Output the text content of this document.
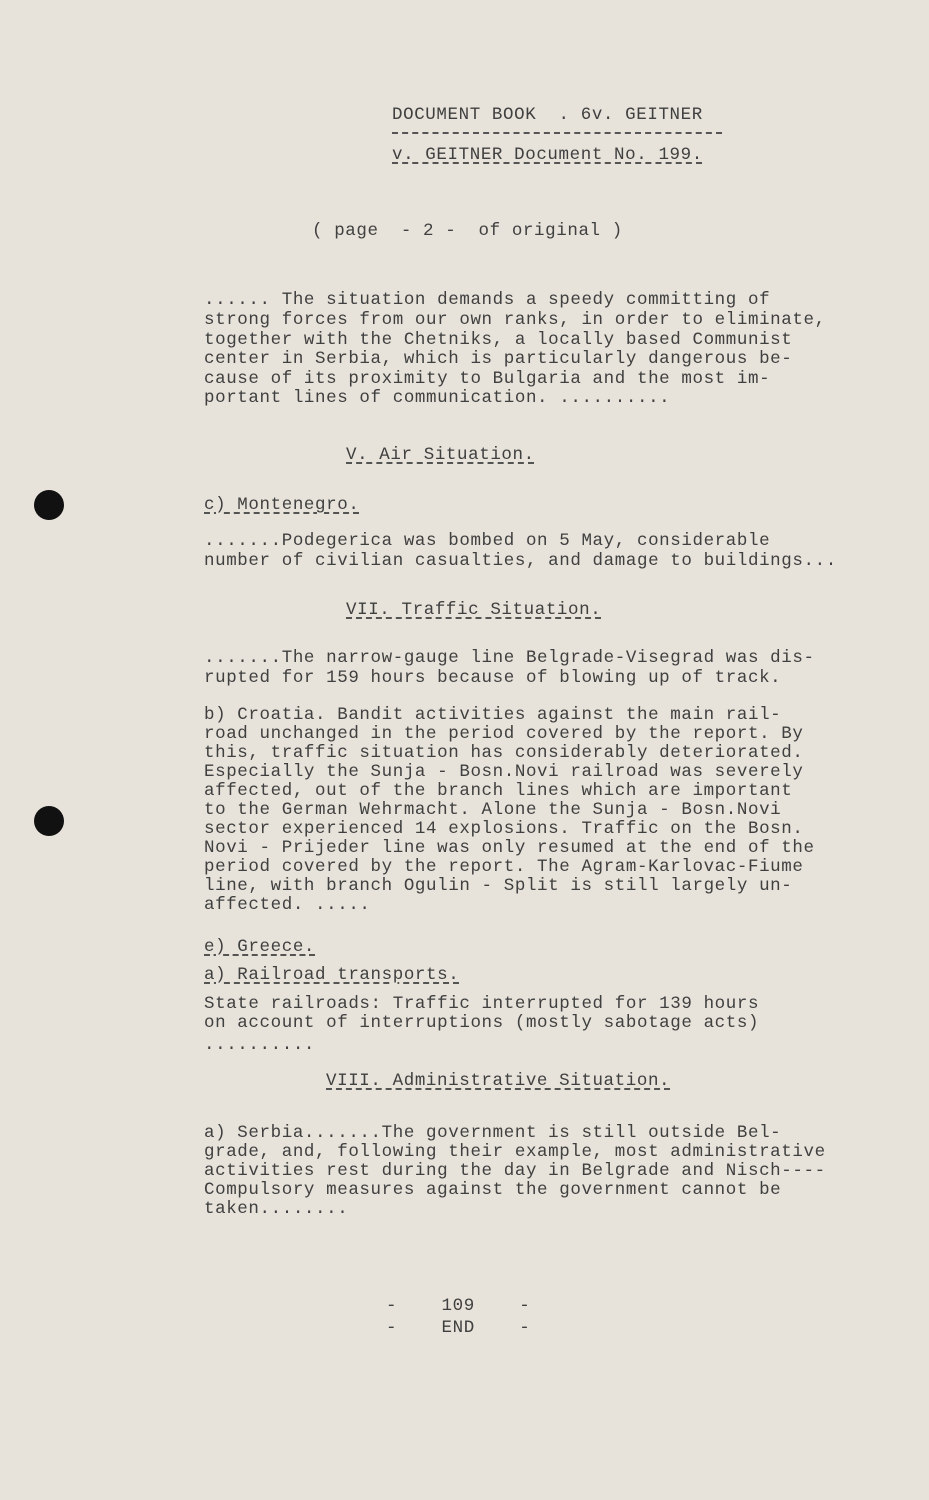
DOCUMENT BOOK  . 6v. GEITNER
v. GEITNER Document No. 199.
( page  - 2 -  of original )
...... The situation demands a speedy committing of
strong forces from our own ranks, in order to eliminate,
together with the Chetniks, a locally based Communist
center in Serbia, which is particularly dangerous be-
cause of its proximity to Bulgaria and the most im-
portant lines of communication. ..........
V. Air Situation.
c) Montenegro.
.......Podegerica was bombed on 5 May, considerable
number of civilian casualties, and damage to buildings...
VII. Traffic Situation.
.......The narrow-gauge line Belgrade-Visegrad was dis-
rupted for 159 hours because of blowing up of track.
b) Croatia. Bandit activities against the main rail-
road unchanged in the period covered by the report. By
this, traffic situation has considerably deteriorated.
Especially the Sunja - Bosn.Novi railroad was severely
affected, out of the branch lines which are important
to the German Wehrmacht. Alone the Sunja - Bosn.Novi
sector experienced 14 explosions. Traffic on the Bosn.
Novi - Prijeder line was only resumed at the end of the
period covered by the report. The Agram-Karlovac-Fiume
line, with branch Ogulin - Split is still largely un-
affected. .....
e) Greece.
a) Railroad transports.
State railroads: Traffic interrupted for 139 hours
on account of interruptions (mostly sabotage acts)
..........
VIII. Administrative Situation.
a) Serbia.......The government is still outside Bel-
grade, and, following their example, most administrative
activities rest during the day in Belgrade and Nisch----
Compulsory measures against the government cannot be
taken........
-    109    -
-    END    -
